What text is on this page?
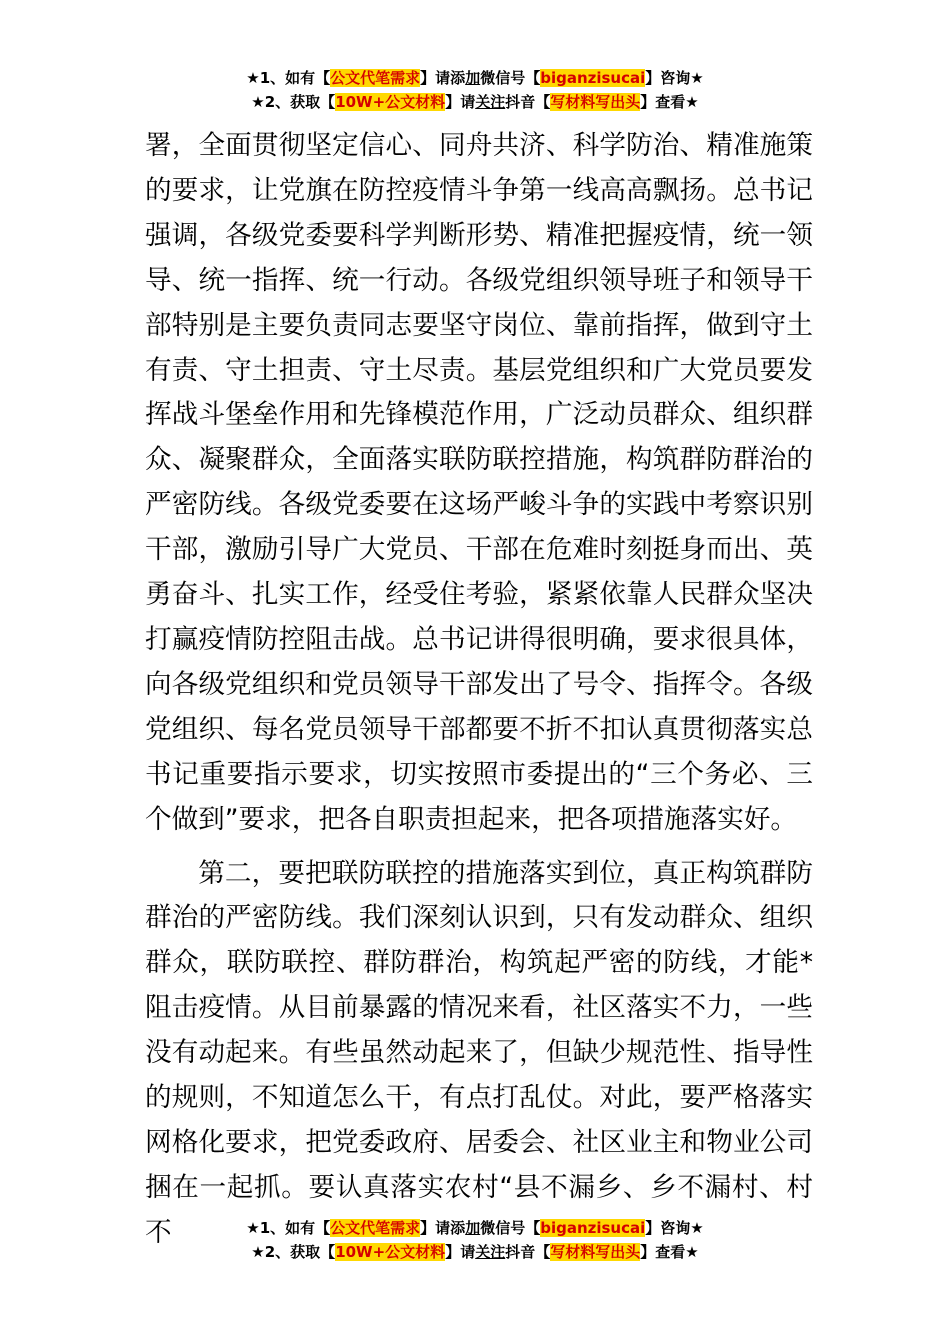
★1、如有【公文代笔需求】请添加微信号【biganzisucai】咨询★
★2、获取【10W+公文材料】请关注抖音【写材料写出头】查看★

署，全面贯彻坚定信心、同舟共济、科学防治、精准施策的要求，让党旗在防控疫情斗争第一线高高飘扬。总书记强调，各级党委要科学判断形势、精准把握疫情，统一领导、统一指挥、统一行动。各级党组织领导班子和领导干部特别是主要负责同志要坚守岗位、靠前指挥，做到守土有责、守土担责、守土尽责。基层党组织和广大党员要发挥战斗堡垒作用和先锋模范作用，广泛动员群众、组织群众、凝聚群众，全面落实联防联控措施，构筑群防群治的严密防线。各级党委要在这场严峻斗争的实践中考察识别干部，激励引导广大党员、干部在危难时刻挺身而出、英勇奋斗、扎实工作，经受住考验，紧紧依靠人民群众坚决打赢疫情防控阻击战。总书记讲得很明确，要求很具体，向各级党组织和党员领导干部发出了号令、指挥令。各级党组织、每名党员领导干部都要不折不扣认真贯彻落实总书记重要指示要求，切实按照市委提出的“三个务必、三个做到”要求，把各自职责担起来，把各项措施落实好。

第二，要把联防联控的措施落实到位，真正构筑群防群治的严密防线。我们深刻认识到，只有发动群众、组织群众，联防联控、群防群治，构筑起严密的防线，才能*阻击疫情。从目前暴露的情况来看，社区落实不力，一些没有动起来。有些虽然动起来了，但缺少规范性、指导性的规则，不知道怎么干，有点打乱仗。对此，要严格落实网格化要求，把党委政府、居委会、社区业主和物业公司捆在一起抓。要认真落实农村“县不漏乡、乡不漏村、村不	★1、如有【公文代笔需求】请添加微信号【biganzisucai】咨询★
★2、获取【10W+公文材料】请关注抖音【写材料写出头】查看★
